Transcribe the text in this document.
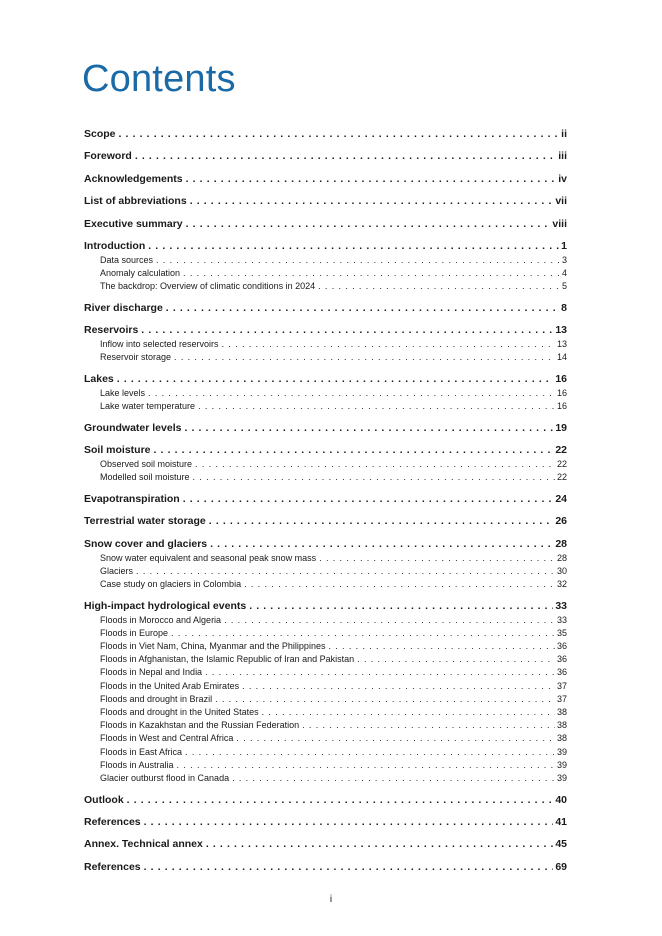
Contents
Scope . . .	ii
Foreword . . .	iii
Acknowledgements . . .	iv
List of abbreviations . . .	vii
Executive summary . . .	viii
Introduction . . .	1
Data sources . . .	3
Anomaly calculation . . .	4
The backdrop: Overview of climatic conditions in 2024 . . .	5
River discharge . . .	8
Reservoirs . . .	13
Inflow into selected reservoirs . . .	13
Reservoir storage . . .	14
Lakes . . .	16
Lake levels . . .	16
Lake water temperature . . .	16
Groundwater levels . . .	19
Soil moisture . . .	22
Observed soil moisture . . .	22
Modelled soil moisture . . .	22
Evapotranspiration . . .	24
Terrestrial water storage . . .	26
Snow cover and glaciers . . .	28
Snow water equivalent and seasonal peak snow mass . . .	28
Glaciers . . .	30
Case study on glaciers in Colombia . . .	32
High-impact hydrological events . . .	33
Floods in Morocco and Algeria . . .	33
Floods in Europe . . .	35
Floods in Viet Nam, China, Myanmar and the Philippines . . .	36
Floods in Afghanistan, the Islamic Republic of Iran and Pakistan . . .	36
Floods in Nepal and India . . .	36
Floods in the United Arab Emirates . . .	37
Floods and drought in Brazil . . .	37
Floods and drought in the United States . . .	38
Floods in Kazakhstan and the Russian Federation . . .	38
Floods in West and Central Africa . . .	38
Floods in East Africa . . .	39
Floods in Australia . . .	39
Glacier outburst flood in Canada . . .	39
Outlook . . .	40
References . . .	41
Annex. Technical annex . . .	45
References . . .	69

i
